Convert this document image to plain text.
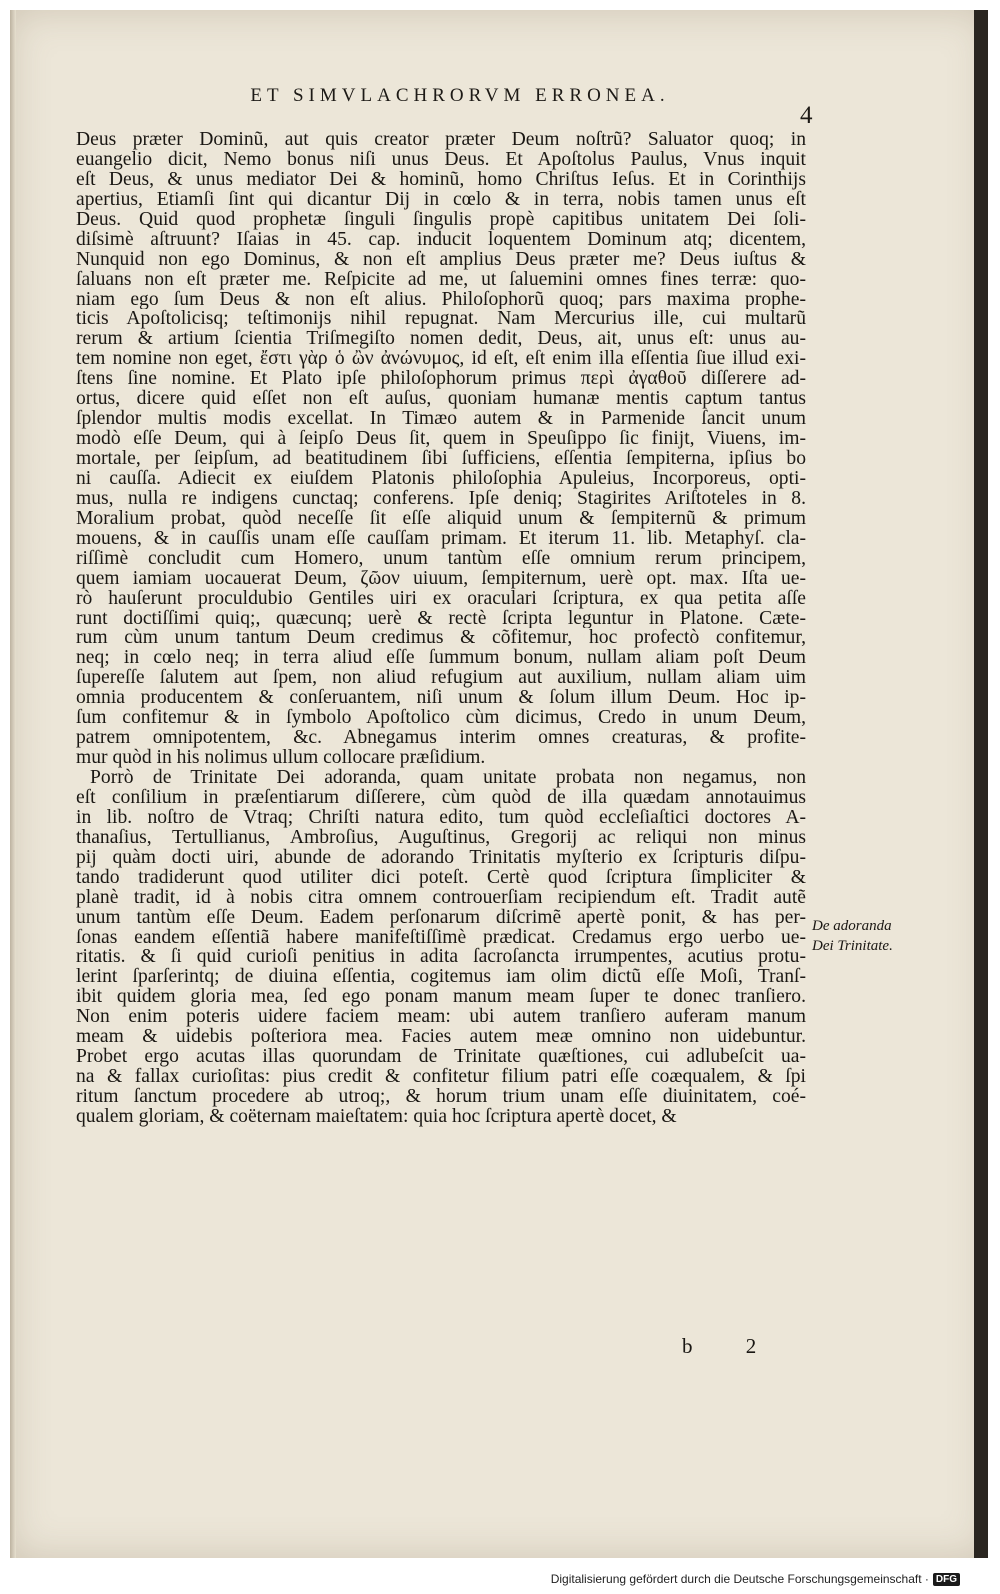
ET SIMVLACHRORVM ERRONEA.
4
Deus præter Dominũ, aut quis creator præter Deum noſtrũ? Saluator quoq; in
euangelio dicit, Nemo bonus niſi unus Deus. Et Apoſtolus Paulus, Vnus inquit
eſt Deus, & unus mediator Dei & hominũ, homo Chriſtus Ieſus. Et in Corinthijs
apertius, Etiamſi ſint qui dicantur Dij in cœlo & in terra, nobis tamen unus eſt
Deus. Quid quod prophetæ ſinguli ſingulis propè capitibus unitatem Dei ſoli-
diſsimè aſtruunt? Iſaias in 45. cap. inducit loquentem Dominum atq; dicentem,
Nunquid non ego Dominus, & non eſt amplius Deus præter me? Deus iuſtus &
ſaluans non eſt præter me. Reſpicite ad me, ut ſaluemini omnes fines terræ: quo-
niam ego ſum Deus & non eſt alius. Philoſophorũ quoq; pars maxima prophe-
ticis Apoſtolicisq; teſtimonijs nihil repugnat. Nam Mercurius ille, cui multarũ
rerum & artium ſcientia Triſmegiſto nomen dedit, Deus, ait, unus eſt: unus au-
tem nomine non eget, ἔστι γὰρ ὁ ὢν ἀνώνυμος, id eſt, eſt enim illa eſſentia ſiue illud exi-
ſtens ſine nomine. Et Plato ipſe philoſophorum primus περὶ ἀγαθοῦ diſſerere ad-
ortus, dicere quid eſſet non eſt auſus, quoniam humanæ mentis captum tantus
ſplendor multis modis excellat. In Timæo autem & in Parmenide ſancit unum
modò eſſe Deum, qui à ſeipſo Deus ſit, quem in Speuſippo ſic finijt, Viuens, im-
mortale, per ſeipſum, ad beatitudinem ſibi ſufficiens, eſſentia ſempiterna, ipſius bo
ni cauſſa. Adiecit ex eiuſdem Platonis philoſophia Apuleius, Incorporeus, opti-
mus, nulla re indigens cunctaq; conferens. Ipſe deniq; Stagirites Ariſtoteles in 8.
Moralium probat, quòd neceſſe ſit eſſe aliquid unum & ſempiternũ & primum
mouens, & in cauſſis unam eſſe cauſſam primam. Et iterum 11. lib. Metaphyſ. cla-
riſſimè concludit cum Homero, unum tantùm eſſe omnium rerum principem,
quem iamiam uocauerat Deum, ζῶον uiuum, ſempiternum, uerè opt. max. Iſta ue-
rò hauſerunt proculdubio Gentiles uiri ex oraculari ſcriptura, ex qua petita aſſe
runt doctiſſimi quiq;, quæcunq; uerè & rectè ſcripta leguntur in Platone. Cæte-
rum cùm unum tantum Deum credimus & cõfitemur, hoc profectò confitemur,
neq; in cœlo neq; in terra aliud eſſe ſummum bonum, nullam aliam poſt Deum
ſupereſſe ſalutem aut ſpem, non aliud refugium aut auxilium, nullam aliam uim
omnia producentem & conſeruantem, niſi unum & ſolum illum Deum. Hoc ip-
ſum confitemur & in ſymbolo Apoſtolico cùm dicimus, Credo in unum Deum,
patrem omnipotentem, &c. Abnegamus interim omnes creaturas, & profite-
mur quòd in his nolimus ullum collocare præſidium.
Porrò de Trinitate Dei adoranda, quam unitate probata non negamus, non
eſt conſilium in præſentiarum diſſerere, cùm quòd de illa quædam annotauimus
in lib. noſtro de Vtraq; Chriſti natura edito, tum quòd eccleſiaſtici doctores A-
thanaſius, Tertullianus, Ambroſius, Auguſtinus, Gregorij ac reliqui non minus
pij quàm docti uiri, abunde de adorando Trinitatis myſterio ex ſcripturis diſpu-
tando tradiderunt quod utiliter dici poteſt. Certè quod ſcriptura ſimpliciter &
planè tradit, id à nobis citra omnem controuerſiam recipiendum eſt. Tradit autẽ
unum tantùm eſſe Deum. Eadem perſonarum diſcrimẽ apertè ponit, & has per-
ſonas eandem eſſentiã habere manifeſtiſſimè prædicat. Credamus ergo uerbo ue-
ritatis. & ſi quid curioſi penitius in adita ſacroſancta irrumpentes, acutius protu-
lerint ſparſerintq; de diuina eſſentia, cogitemus iam olim dictũ eſſe Moſi, Tranſ-
ibit quidem gloria mea, ſed ego ponam manum meam ſuper te donec tranſiero.
Non enim poteris uidere faciem meam: ubi autem tranſiero auferam manum
meam & uidebis poſteriora mea. Facies autem meæ omnino non uidebuntur.
Probet ergo acutas illas quorundam de Trinitate quæſtiones, cui adlubeſcit ua-
na & fallax curioſitas: pius credit & confitetur filium patri eſſe coæqualem, & ſpi
ritum ſanctum procedere ab utroq;, & horum trium unam eſſe diuinitatem, coé-
qualem gloriam, & coëternam maieſtatem: quia hoc ſcriptura apertè docet, &
De adoranda
Dei Trinitate.
b 2
Digitalisierung gefördert durch die Deutsche Forschungsgemeinschaft · DFG
